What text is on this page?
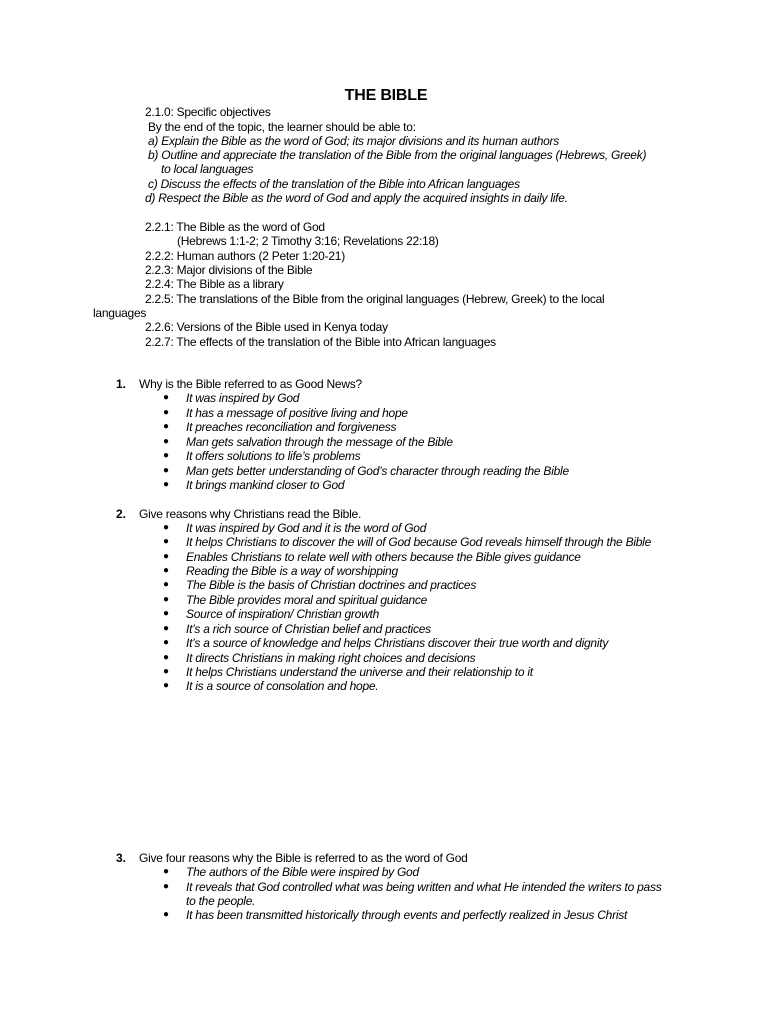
THE BIBLE
2.1.0: Specific objectives
By the end of the topic, the learner should be able to:
a) Explain the Bible as the word of God; its major divisions and its human authors
b) Outline and appreciate the translation of the Bible from the original languages (Hebrews, Greek)
to local languages
c) Discuss the effects of the translation of the Bible into African languages
d) Respect the Bible as the word of God and apply the acquired insights in daily life.
2.2.1: The Bible as the word of God
(Hebrews 1:1-2; 2 Timothy 3:16; Revelations 22:18)
2.2.2: Human authors (2 Peter 1:20-21)
2.2.3: Major divisions of the Bible
2.2.4: The Bible as a library
2.2.5: The translations of the Bible from the original languages (Hebrew, Greek) to the local
languages
2.2.6: Versions of the Bible used in Kenya today
2.2.7: The effects of the translation of the Bible into African languages
1. Why is the Bible referred to as Good News?
● It was inspired by God
● It has a message of positive living and hope
● It preaches reconciliation and forgiveness
● Man gets salvation through the message of the Bible
● It offers solutions to life’s problems
● Man gets better understanding of God’s character through reading the Bible
● It brings mankind closer to God
2. Give reasons why Christians read the Bible.
● It was inspired by God and it is the word of God
● It helps Christians to discover the will of God because God reveals himself through the Bible
● Enables Christians to relate well with others because the Bible gives guidance
● Reading the Bible is a way of worshipping
● The Bible is the basis of Christian doctrines and practices
● The Bible provides moral and spiritual guidance
● Source of inspiration/ Christian growth
● It’s a rich source of Christian belief and practices
● It’s a source of knowledge and helps Christians discover their true worth and dignity
● It directs Christians in making right choices and decisions
● It helps Christians understand the universe and their relationship to it
● It is a source of consolation and hope.
3. Give four reasons why the Bible is referred to as the word of God
● The authors of the Bible were inspired by God
● It reveals that God controlled what was being written and what He intended the writers to pass
to the people.
● It has been transmitted historically through events and perfectly realized in Jesus Christ
